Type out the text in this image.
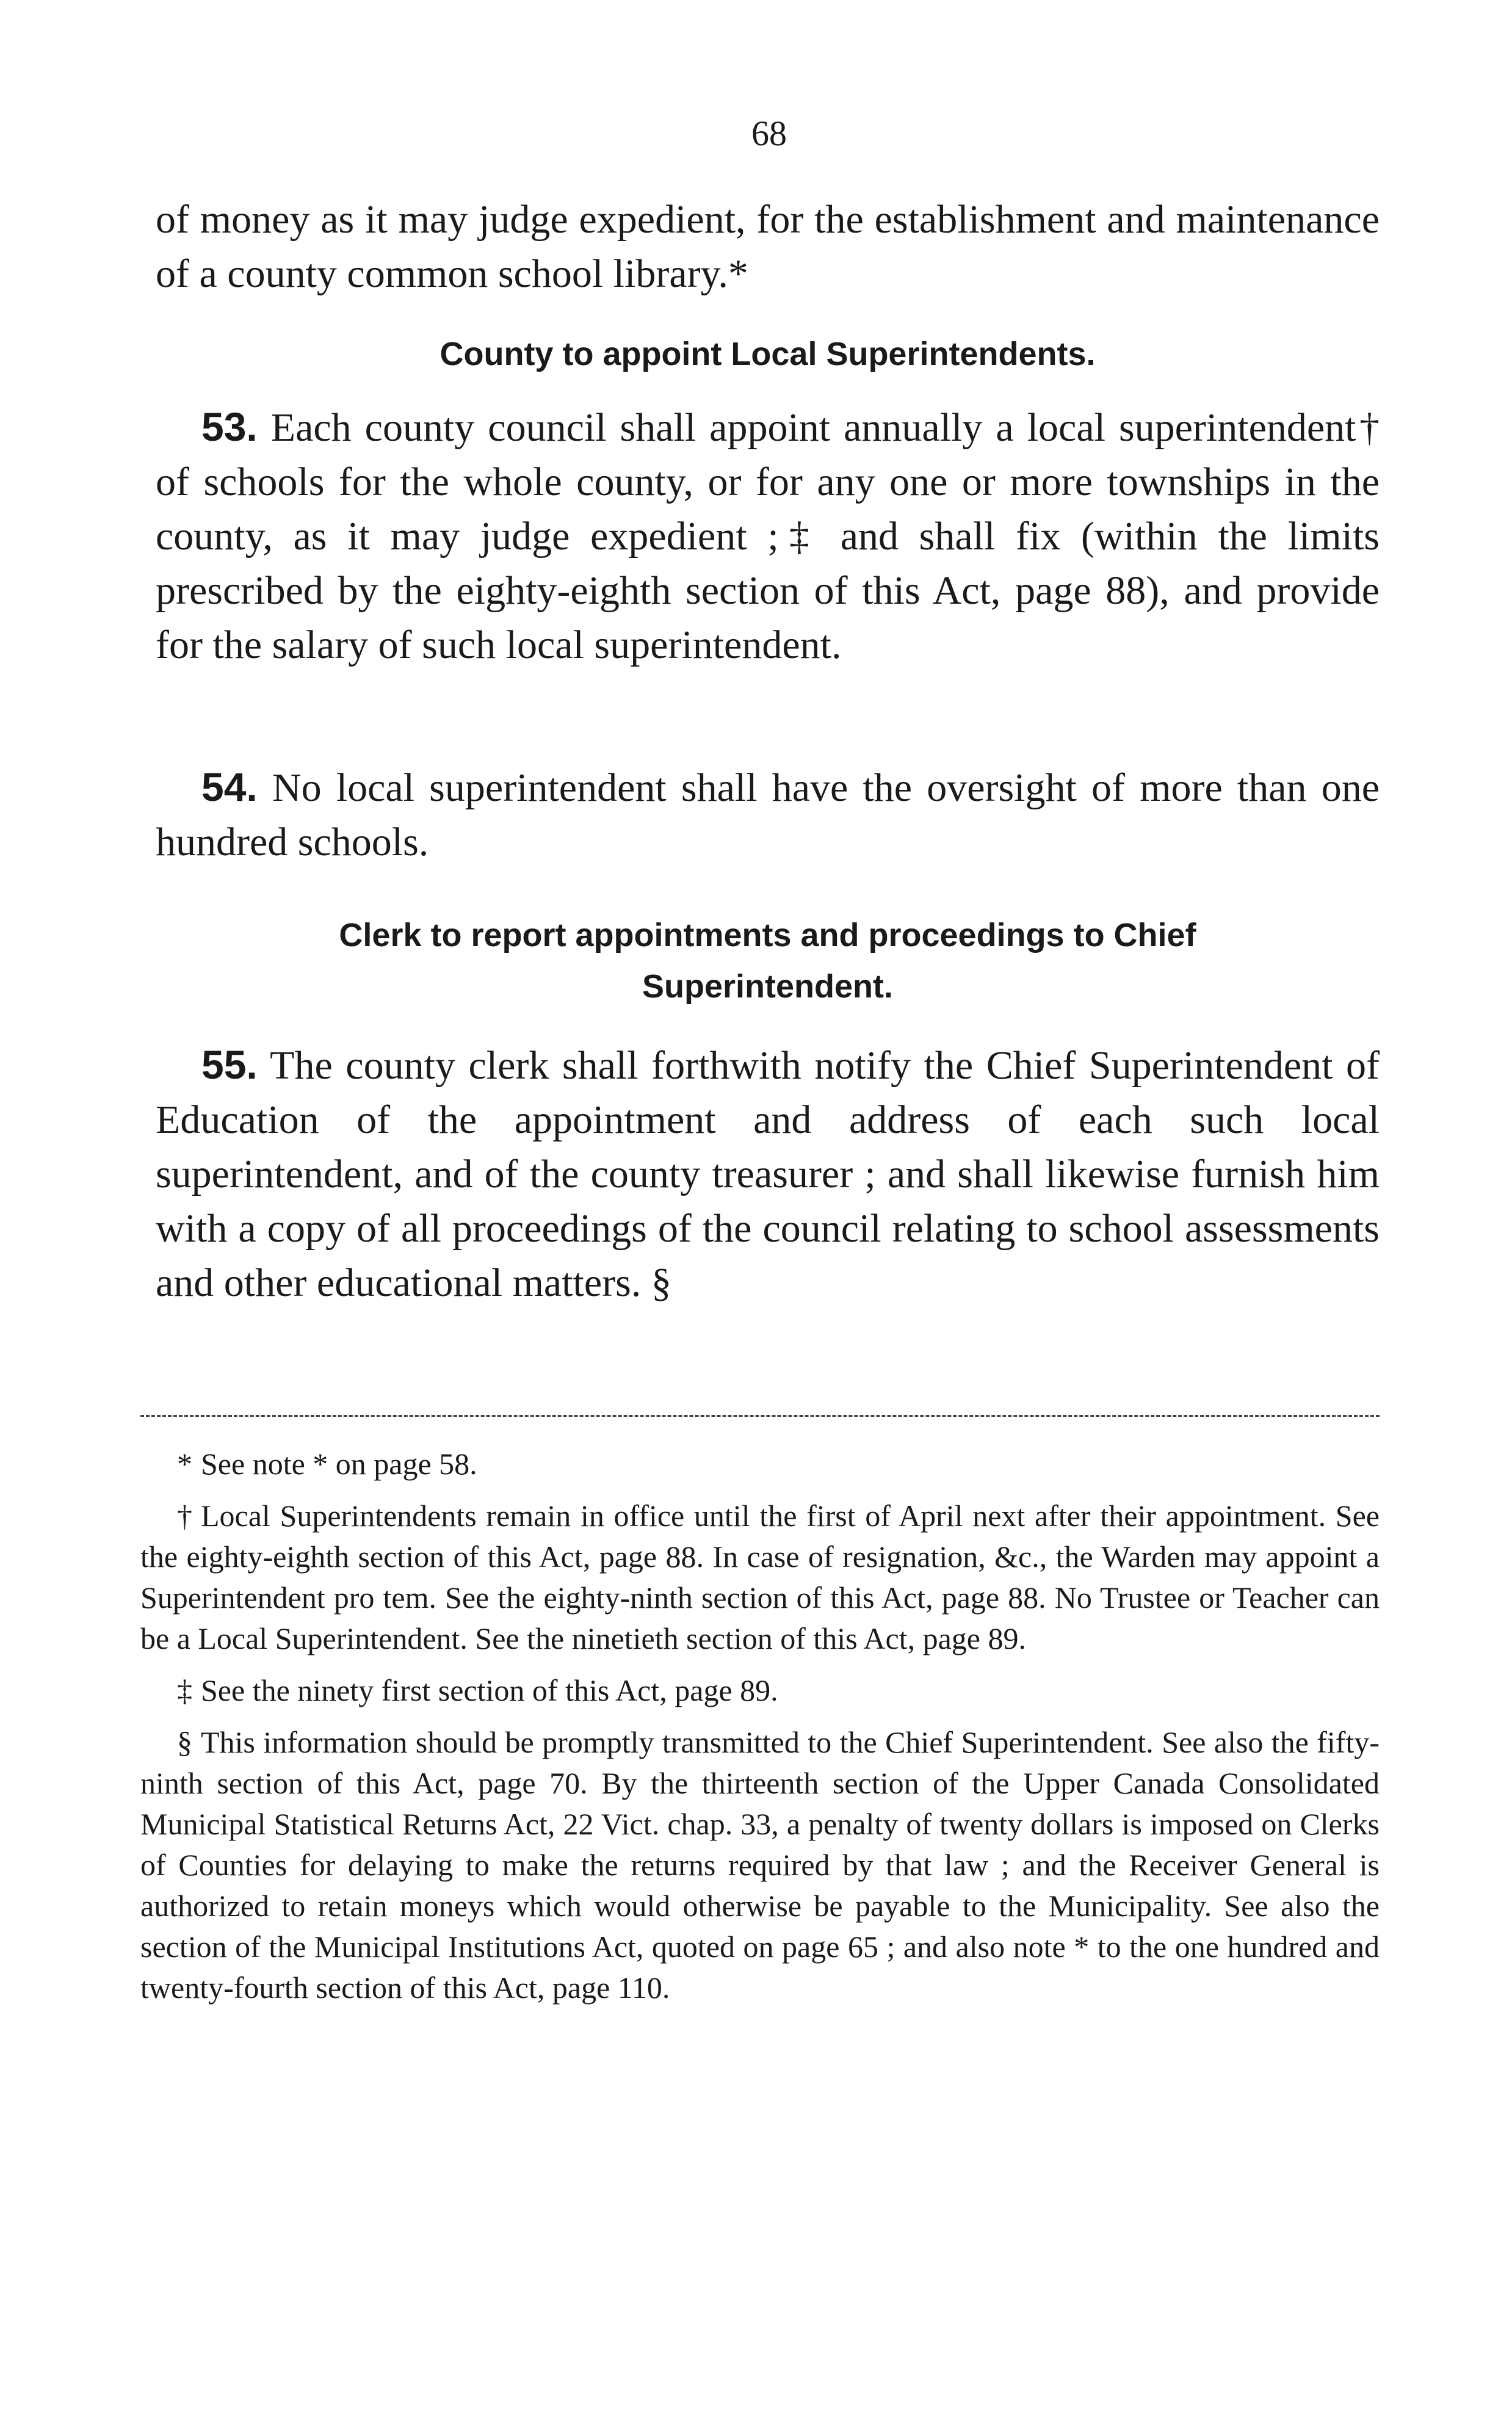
68

of money as it may judge expedient, for the establishment and maintenance of a county common school library.*

County to appoint Local Superintendents.

53. Each county council shall appoint annually a local superintendent† of schools for the whole county, or for any one or more townships in the county, as it may judge expedient ;‡ and shall fix (within the limits prescribed by the eighty-eighth section of this Act, page 88), and provide for the salary of such local superintendent.

54. No local superintendent shall have the oversight of more than one hundred schools.

Clerk to report appointments and proceedings to Chief Superintendent.

55. The county clerk shall forthwith notify the Chief Superintendent of Education of the appointment and address of each such local superintendent, and of the county treasurer ; and shall likewise furnish him with a copy of all proceedings of the council relating to school assessments and other educational matters. §

* See note * on page 58.

† Local Superintendents remain in office until the first of April next after their appointment. See the eighty-eighth section of this Act, page 88. In case of resignation, &c., the Warden may appoint a Superintendent pro tem. See the eighty-ninth section of this Act, page 88. No Trustee or Teacher can be a Local Superintendent. See the ninetieth section of this Act, page 89.

‡ See the ninety first section of this Act, page 89.

§ This information should be promptly transmitted to the Chief Superintendent. See also the fifty-ninth section of this Act, page 70. By the thirteenth section of the Upper Canada Consolidated Municipal Statistical Returns Act, 22 Vict. chap. 33, a penalty of twenty dollars is imposed on Clerks of Counties for delaying to make the returns required by that law ; and the Receiver General is authorized to retain moneys which would otherwise be payable to the Municipality. See also the section of the Municipal Institutions Act, quoted on page 65 ; and also note * to the one hundred and twenty-fourth section of this Act, page 110.
